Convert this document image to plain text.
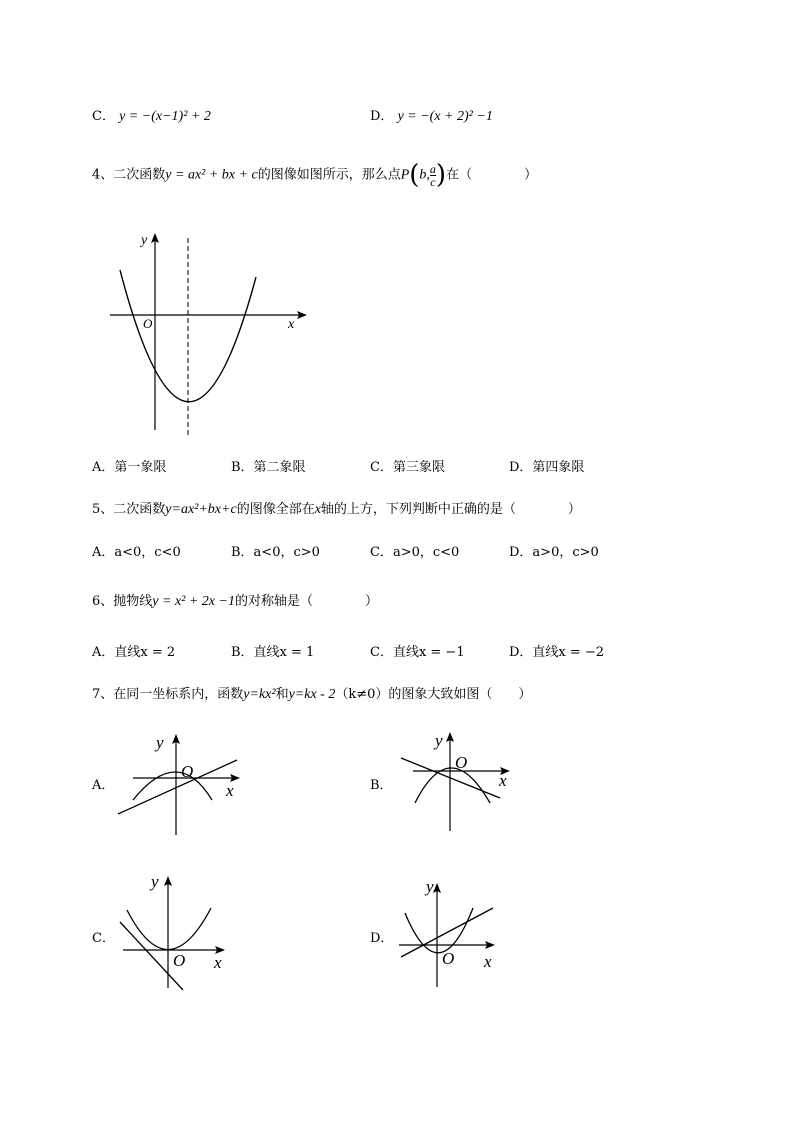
C． y = −(x−1)² + 2	D． y = −(x + 2)² −1
4、二次函数y = ax² + bx + c的图像如图所示，那么点P(b, $\frac{a}{c}$ )在（　　　　）
y
O	x
A．第一象限	B．第二象限	C．第三象限	D．第四象限
5、二次函数y=ax²+bx+c的图像全部在x轴的上方，下列判断中正确的是（　　　　）
A．a<0，c<0	B．a<0，c>0	C．a>0，c<0	D．a>0，c>0
6、抛物线y = x² + 2x −1的对称轴是（　　　　）
A．直线x = 2	B．直线x = 1	C．直线x = −1	D．直线x = −2
7、在同一坐标系内，函数y=kx²和y=kx - 2（k≠0）的图象大致如图（　　）
A．
y
O
x	B．
y
O
x
C．
y
O x
D．
y
O x
